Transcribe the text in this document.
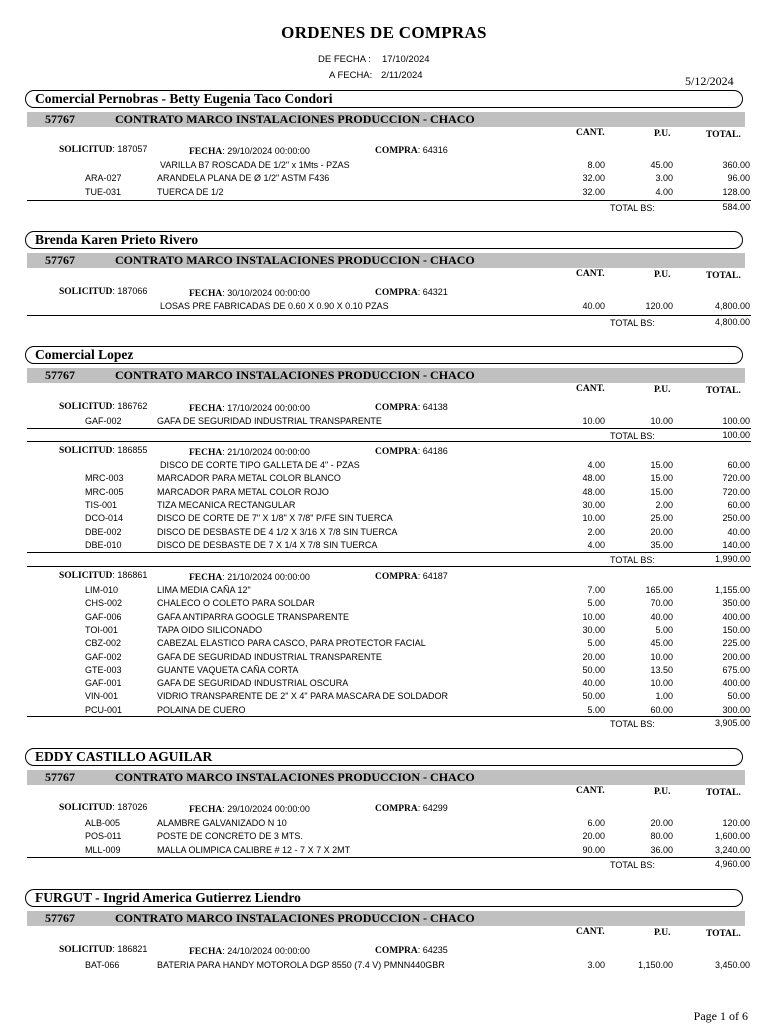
ORDENES DE COMPRAS
DE FECHA : 17/10/2024
A FECHA: 2/11/2024	5/12/2024
Comercial Pernobras - Betty Eugenia Taco Condori
57767	CONTRATO MARCO INSTALACIONES PRODUCCION - CHACO
CANT.	P.U.	TOTAL.
SOLICITUD: 187057	FECHA: 29/10/2024 00:00:00	COMPRA: 64316
VARILLA B7 ROSCADA DE 1/2" x 1Mts - PZAS	8.00	45.00	360.00
ARA-027	ARANDELA PLANA DE Ø 1/2" ASTM F436	32.00	3.00	96.00
TUE-031	TUERCA DE 1/2	32.00	4.00	128.00
TOTAL BS:	584.00
Brenda Karen Prieto Rivero
57767	CONTRATO MARCO INSTALACIONES PRODUCCION - CHACO
CANT.	P.U.	TOTAL.
SOLICITUD: 187066	FECHA: 30/10/2024 00:00:00	COMPRA: 64321
LOSAS PRE FABRICADAS DE 0.60 X 0.90 X 0.10 PZAS	40.00	120.00	4,800.00
TOTAL BS:	4,800.00
Comercial Lopez
57767	CONTRATO MARCO INSTALACIONES PRODUCCION - CHACO
CANT.	P.U.	TOTAL.
SOLICITUD: 186762	FECHA: 17/10/2024 00:00:00	COMPRA: 64138
GAF-002	GAFA DE SEGURIDAD INDUSTRIAL TRANSPARENTE	10.00	10.00	100.00
TOTAL BS:	100.00
SOLICITUD: 186855	FECHA: 21/10/2024 00:00:00	COMPRA: 64186
DISCO DE CORTE TIPO GALLETA DE 4" - PZAS	4.00	15.00	60.00
MRC-003	MARCADOR PARA METAL COLOR BLANCO	48.00	15.00	720.00
MRC-005	MARCADOR PARA METAL COLOR ROJO	48.00	15.00	720.00
TIS-001	TIZA MECANICA RECTANGULAR	30.00	2.00	60.00
DCO-014	DISCO DE CORTE DE 7" X 1/8" X 7/8" P/FE SIN TUERCA	10.00	25.00	250.00
DBE-002	DISCO DE DESBASTE DE 4 1/2 X 3/16 X 7/8 SIN TUERCA	2.00	20.00	40.00
DBE-010	DISCO DE DESBASTE DE 7 X 1/4 X 7/8 SIN TUERCA	4.00	35.00	140.00
TOTAL BS:	1,990.00
SOLICITUD: 186861	FECHA: 21/10/2024 00:00:00	COMPRA: 64187
LIM-010	LIMA MEDIA CAÑA 12"	7.00	165.00	1,155.00
CHS-002	CHALECO O COLETO PARA SOLDAR	5.00	70.00	350.00
GAF-006	GAFA ANTIPARRA GOOGLE TRANSPARENTE	10.00	40.00	400.00
TOI-001	TAPA OIDO SILICONADO	30.00	5.00	150.00
CBZ-002	CABEZAL ELASTICO PARA CASCO, PARA PROTECTOR FACIAL	5.00	45.00	225.00
GAF-002	GAFA DE SEGURIDAD INDUSTRIAL TRANSPARENTE	20.00	10.00	200.00
GTE-003	GUANTE VAQUETA CAÑA CORTA	50.00	13.50	675.00
GAF-001	GAFA DE SEGURIDAD INDUSTRIAL OSCURA	40.00	10.00	400.00
VIN-001	VIDRIO TRANSPARENTE DE 2" X 4" PARA MASCARA DE SOLDADOR	50.00	1.00	50.00
PCU-001	POLAINA DE CUERO	5.00	60.00	300.00
TOTAL BS:	3,905.00
EDDY CASTILLO AGUILAR
57767	CONTRATO MARCO INSTALACIONES PRODUCCION - CHACO
CANT.	P.U.	TOTAL.
SOLICITUD: 187026	FECHA: 29/10/2024 00:00:00	COMPRA: 64299
ALB-005	ALAMBRE GALVANIZADO N 10	6.00	20.00	120.00
POS-011	POSTE DE CONCRETO DE 3 MTS.	20.00	80.00	1,600.00
MLL-009	MALLA OLIMPICA CALIBRE # 12 - 7 X 7 X 2MT	90.00	36.00	3,240.00
TOTAL BS:	4,960.00
FURGUT - Ingrid America Gutierrez Liendro
57767	CONTRATO MARCO INSTALACIONES PRODUCCION - CHACO
CANT.	P.U.	TOTAL.
SOLICITUD: 186821	FECHA: 24/10/2024 00:00:00	COMPRA: 64235
BAT-066	BATERIA PARA HANDY MOTOROLA DGP 8550 (7.4 V) PMNN440GBR	3.00	1,150.00	3,450.00
Page 1 of 6
